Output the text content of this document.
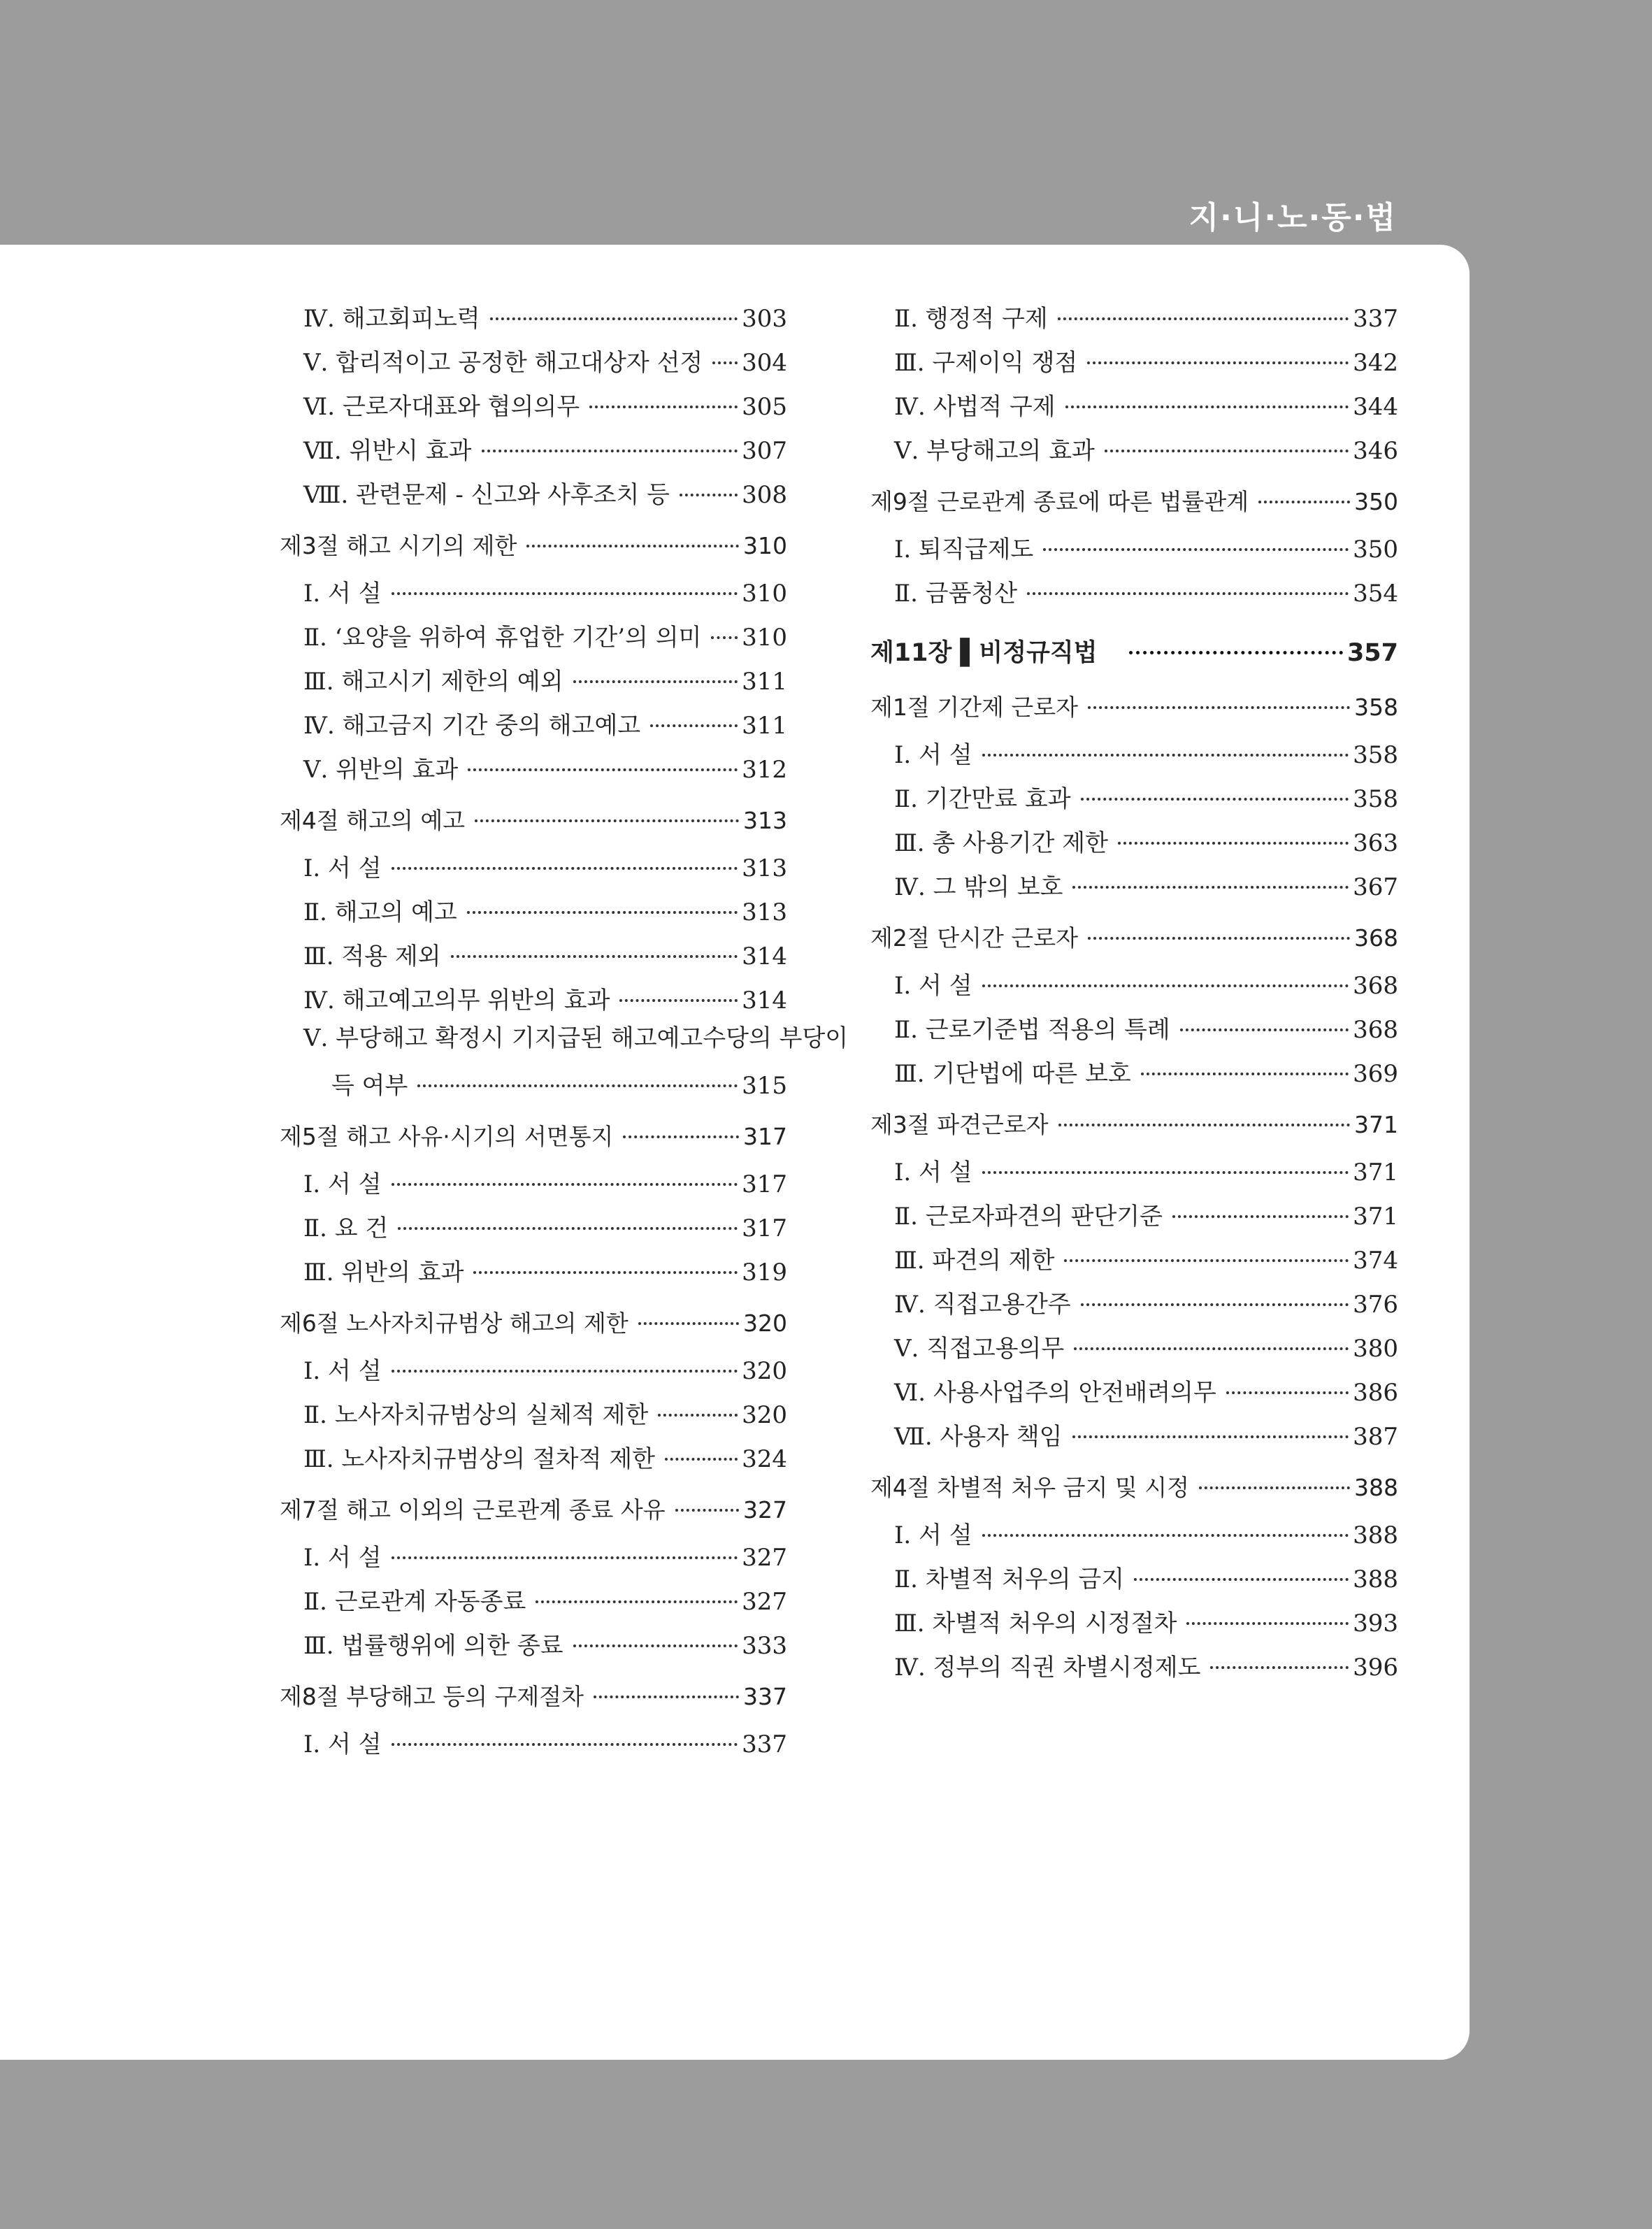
지·니·노·동·법
Ⅳ. 해고회피노력	303
Ⅴ. 합리적이고 공정한 해고대상자 선정 304
Ⅵ. 근로자대표와 협의의무	305
Ⅶ. 위반시 효과	307
Ⅷ. 관련문제 - 신고와 사후조치 등	308
제3절 해고 시기의 제한	310
Ⅰ. 서 설	310
Ⅱ. ‘요양을 위하여 휴업한 기간’의 의미 310
Ⅲ. 해고시기 제한의 예외	311
Ⅳ. 해고금지 기간 중의 해고예고	311
Ⅴ. 위반의 효과	312
제4절 해고의 예고	313
Ⅰ. 서 설	313
Ⅱ. 해고의 예고	313
Ⅲ. 적용 제외	314
Ⅳ. 해고예고의무 위반의 효과	314
Ⅴ. 부당해고 확정시 기지급된 해고예고수당의 부당이
득 여부	315
제5절 해고 사유·시기의 서면통지	317
Ⅰ. 서 설	317
Ⅱ. 요 건	317
Ⅲ. 위반의 효과	319
제6절 노사자치규범상 해고의 제한	320
Ⅰ. 서 설	320
Ⅱ. 노사자치규범상의 실체적 제한	320
Ⅲ. 노사자치규범상의 절차적 제한	324
제7절 해고 이외의 근로관계 종료 사유	327
Ⅰ. 서 설	327
Ⅱ. 근로관계 자동종료	327
Ⅲ. 법률행위에 의한 종료	333
제8절 부당해고 등의 구제절차	337
Ⅰ. 서 설	337
Ⅱ. 행정적 구제	337
Ⅲ. 구제이익 쟁점	342
Ⅳ. 사법적 구제	344
Ⅴ. 부당해고의 효과	346
제9절 근로관계 종료에 따른 법률관계	350
Ⅰ. 퇴직급제도	350
Ⅱ. 금품청산	354
제11장 ▌비정규직법	357
제1절 기간제 근로자	358
Ⅰ. 서 설	358
Ⅱ. 기간만료 효과	358
Ⅲ. 총 사용기간 제한	363
Ⅳ. 그 밖의 보호	367
제2절 단시간 근로자	368
Ⅰ. 서 설	368
Ⅱ. 근로기준법 적용의 특례	368
Ⅲ. 기단법에 따른 보호	369
제3절 파견근로자	371
Ⅰ. 서 설	371
Ⅱ. 근로자파견의 판단기준	371
Ⅲ. 파견의 제한	374
Ⅳ. 직접고용간주	376
Ⅴ. 직접고용의무	380
Ⅵ. 사용사업주의 안전배려의무	386
Ⅶ. 사용자 책임	387
제4절 차별적 처우 금지 및 시정	388
Ⅰ. 서 설	388
Ⅱ. 차별적 처우의 금지	388
Ⅲ. 차별적 처우의 시정절차	393
Ⅳ. 정부의 직권 차별시정제도	396
